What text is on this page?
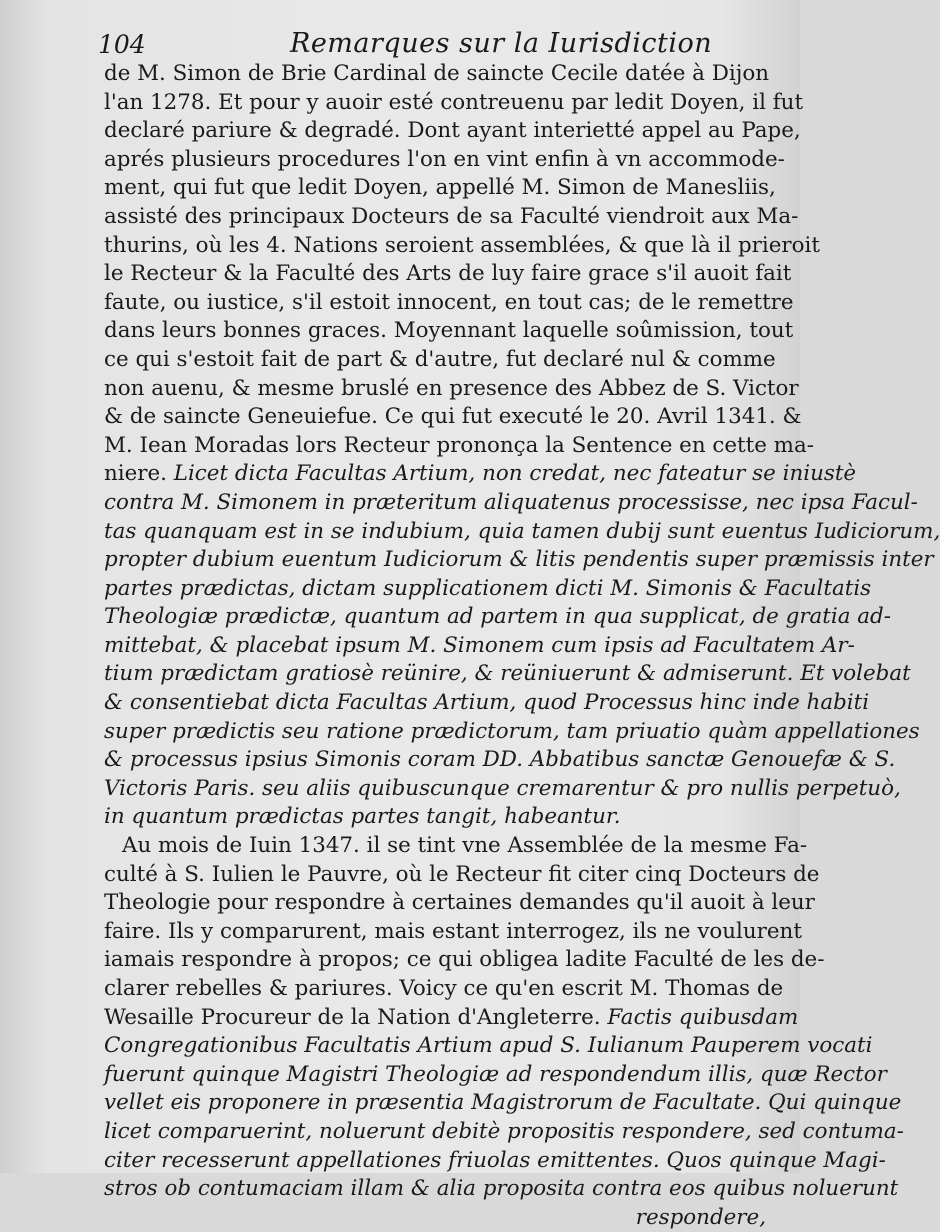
104	Remarques sur la Iurisdiction
de M. Simon de Brie Cardinal de saincte Cecile datée à Dijon
l'an 1278. Et pour y auoir esté contreuenu par ledit Doyen, il fut
declaré pariure & degradé. Dont ayant interietté appel au Pape,
aprés plusieurs procedures l'on en vint enfin à vn accommode-
ment, qui fut que ledit Doyen, appellé M. Simon de Manesliis,
assisté des principaux Docteurs de sa Faculté viendroit aux Ma-
thurins, où les 4. Nations seroient assemblées, & que là il prieroit
le Recteur & la Faculté des Arts de luy faire grace s'il auoit fait
faute, ou iustice, s'il estoit innocent, en tout cas; de le remettre
dans leurs bonnes graces. Moyennant laquelle soûmission, tout
ce qui s'estoit fait de part & d'autre, fut declaré nul & comme
non auenu, & mesme bruslé en presence des Abbez de S. Victor
& de saincte Geneuiefue. Ce qui fut executé le 20. Avril 1341. &
M. Iean Moradas lors Recteur prononça la Sentence en cette ma-
niere. Licet dicta Facultas Artium, non credat, nec fateatur se iniustè
contra M. Simonem in præteritum aliquatenus processisse, nec ipsa Facul-
tas quanquam est in se indubium, quia tamen dubij sunt euentus Iudiciorum,
propter dubium euentum Iudiciorum & litis pendentis super præmissis inter
partes prædictas, dictam supplicationem dicti M. Simonis & Facultatis
Theologiæ prædictæ, quantum ad partem in qua supplicat, de gratia ad-
mittebat, & placebat ipsum M. Simonem cum ipsis ad Facultatem Ar-
tium prædictam gratiosè reünire, & reüniuerunt & admiserunt. Et volebat
& consentiebat dicta Facultas Artium, quod Processus hinc inde habiti
super prædictis seu ratione prædictorum, tam priuatio quàm appellationes
& processus ipsius Simonis coram DD. Abbatibus sanctæ Genouefæ & S.
Victoris Paris. seu aliis quibuscunque cremarentur & pro nullis perpetuò,
in quantum prædictas partes tangit, habeantur.
Au mois de Iuin 1347. il se tint vne Assemblée de la mesme Fa-
culté à S. Iulien le Pauvre, où le Recteur fit citer cinq Docteurs de
Theologie pour respondre à certaines demandes qu'il auoit à leur
faire. Ils y comparurent, mais estant interrogez, ils ne voulurent
iamais respondre à propos; ce qui obligea ladite Faculté de les de-
clarer rebelles & pariures. Voicy ce qu'en escrit M. Thomas de
Wesaille Procureur de la Nation d'Angleterre. Factis quibusdam
Congregationibus Facultatis Artium apud S. Iulianum Pauperem vocati
fuerunt quinque Magistri Theologiæ ad respondendum illis, quæ Rector
vellet eis proponere in præsentia Magistrorum de Facultate. Qui quinque
licet comparuerint, noluerunt debitè propositis respondere, sed contuma-
citer recesserunt appellationes friuolas emittentes. Quos quinque Magi-
stros ob contumaciam illam & alia proposita contra eos quibus noluerunt
respondere,
